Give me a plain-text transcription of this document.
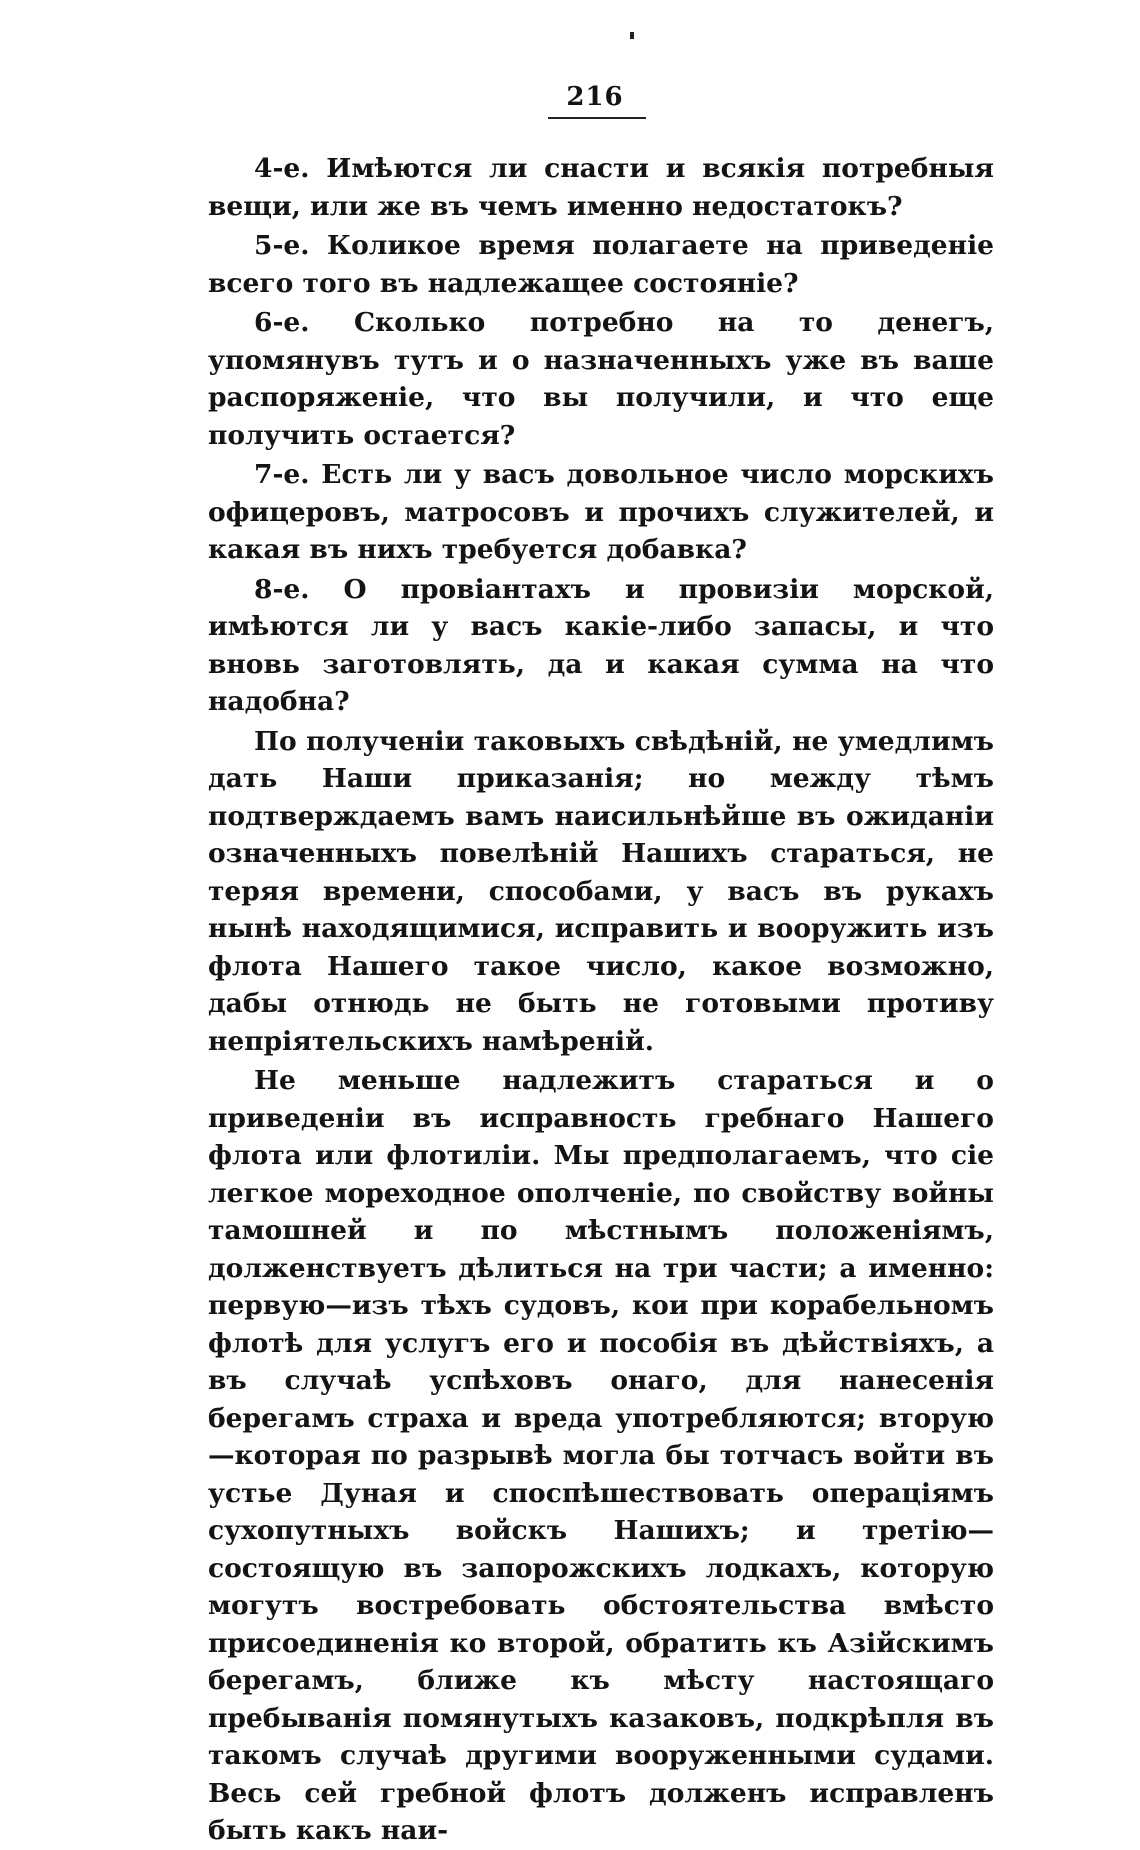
216

4-е. Имѣются ли снасти и всякія потребныя вещи, или же въ чемъ именно недостатокъ?

5-е. Коликое время полагаете на приведеніе всего того въ надлежащее состояніе?

6-е. Сколько потребно на то денегъ, упомянувъ тутъ и о назначенныхъ уже въ ваше распоряженіе, что вы получили, и что еще получить остается?

7-е. Есть ли у васъ довольное число морскихъ офицеровъ, матросовъ и прочихъ служителей, и какая въ нихъ требуется добавка?

8-е. О провіантахъ и провизіи морской, имѣются ли у васъ какіе-либо запасы, и что вновь заготовлять, да и какая сумма на что надобна?

По полученіи таковыхъ свѣдѣній, не умедлимъ дать Наши приказанія; но между тѣмъ подтверждаемъ вамъ наисильнѣйше въ ожиданіи означенныхъ повелѣній Нашихъ стараться, не теряя времени, способами, у васъ въ рукахъ нынѣ находящимися, исправить и вооружить изъ флота Нашего такое число, какое возможно, дабы отнюдь не быть не готовыми противу непріятельскихъ намѣреній.

Не меньше надлежитъ стараться и о приведеніи въ исправность гребнаго Нашего флота или флотиліи. Мы предполагаемъ, что сіе легкое мореходное ополченіе, по свойству войны тамошней и по мѣстнымъ положеніямъ, долженствуетъ дѣлиться на три части; а именно: первую—изъ тѣхъ судовъ, кои при корабельномъ флотѣ для услугъ его и пособія въ дѣйствіяхъ, а въ случаѣ успѣховъ онаго, для нанесенія берегамъ страха и вреда употребляются; вторую—которая по разрывѣ могла бы тотчасъ войти въ устье Дуная и споспѣшествовать операціямъ сухопутныхъ войскъ Нашихъ; и третію—состоящую въ запорожскихъ лодкахъ, которую могутъ востребовать обстоятельства вмѣсто присоединенія ко второй, обратить къ Азійскимъ берегамъ, ближе къ мѣсту настоящаго пребыванія помянутыхъ казаковъ, подкрѣпля въ такомъ случаѣ другими вооруженными судами. Весь сей гребной флотъ долженъ исправленъ быть какъ наи-
